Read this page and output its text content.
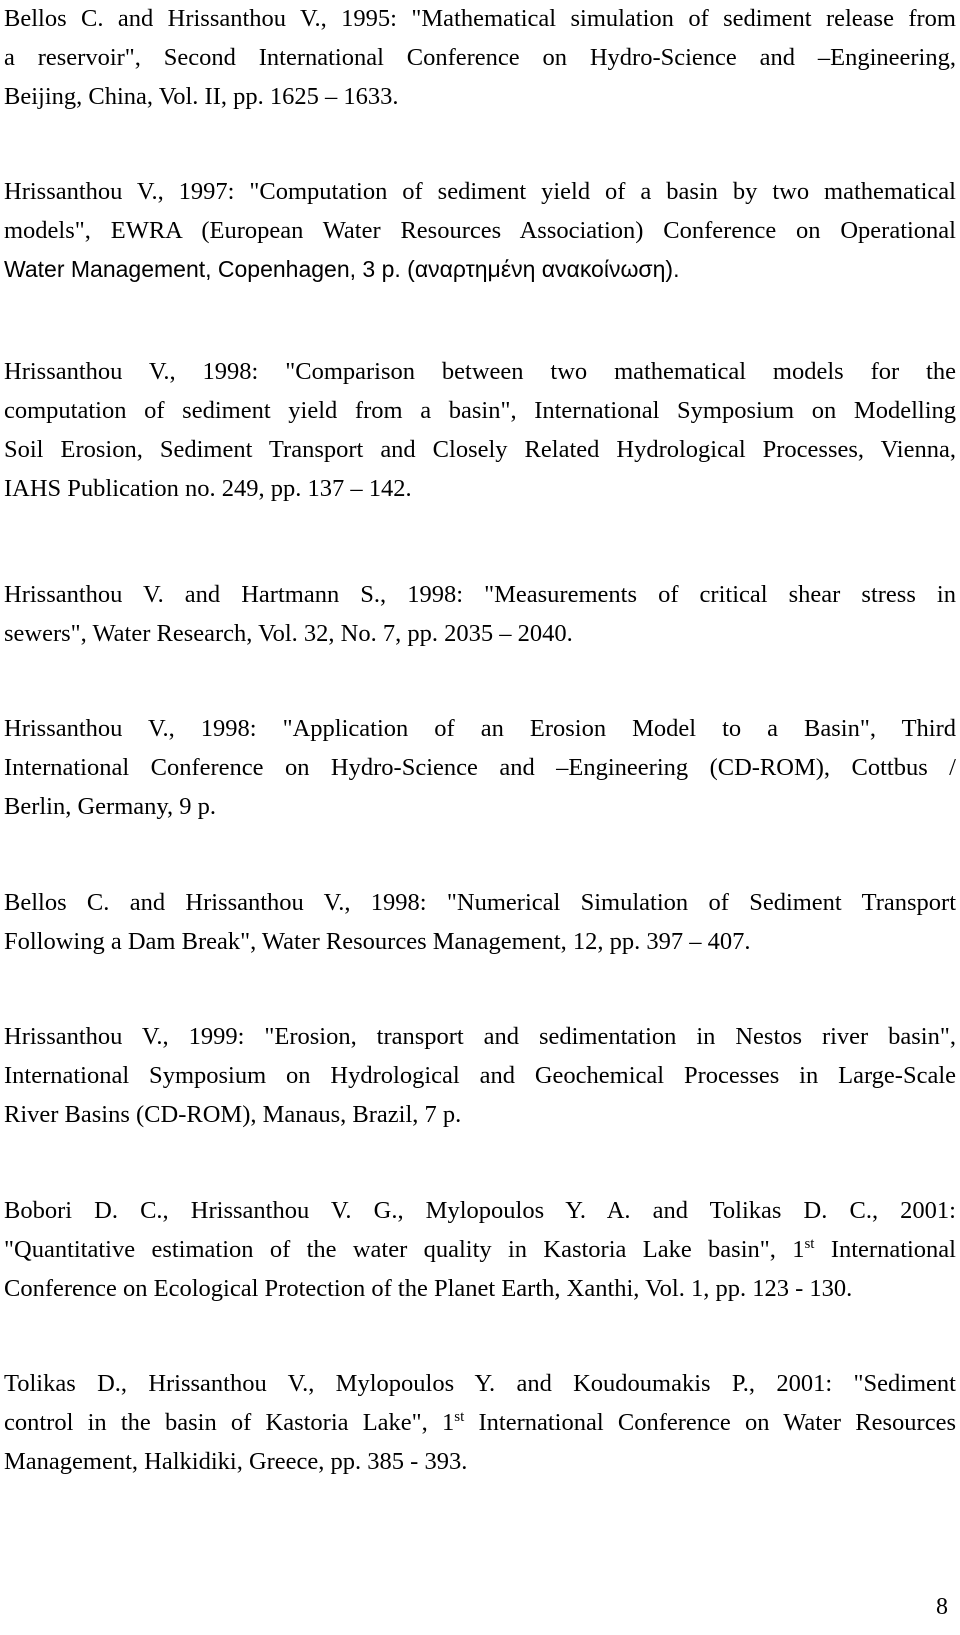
Bellos C. and Hrissanthou V., 1995: "Mathematical simulation of sediment release from
a reservoir", Second International Conference on Hydro-Science and –Engineering,
Beijing, China, Vol. II, pp. 1625 – 1633.
Hrissanthou V., 1997: "Computation of sediment yield of a basin by two mathematical
models", EWRA (European Water Resources Association) Conference on Operational
Water Management, Copenhagen, 3 p. (αναρτημένη ανακοίνωση).
Hrissanthou V., 1998: "Comparison between two mathematical models for the
computation of sediment yield from a basin", International Symposium on Modelling
Soil Erosion, Sediment Transport and Closely Related Hydrological Processes, Vienna,
IAHS Publication no. 249, pp. 137 – 142.
Hrissanthou V. and Hartmann S., 1998: "Measurements of critical shear stress in
sewers", Water Research, Vol. 32, No. 7, pp. 2035 – 2040.
Hrissanthou V., 1998: "Application of an Erosion Model to a Basin", Third
International Conference on Hydro-Science and –Engineering (CD-ROM), Cottbus /
Berlin, Germany, 9 p.
Bellos C. and Hrissanthou V., 1998: "Numerical Simulation of Sediment Transport
Following a Dam Break", Water Resources Management, 12, pp. 397 – 407.
Hrissanthou V., 1999: "Erosion, transport and sedimentation in Nestos river basin",
International Symposium on Hydrological and Geochemical Processes in Large-Scale
River Basins (CD-ROM), Manaus, Brazil, 7 p.
Bobori D. C., Hrissanthou V. G., Mylopoulos Y. A. and Tolikas D. C., 2001:
"Quantitative estimation of the water quality in Kastoria Lake basin", 1st International
Conference on Ecological Protection of the Planet Earth, Xanthi, Vol. 1, pp. 123 - 130.
Tolikas D., Hrissanthou V., Mylopoulos Y. and Koudoumakis P., 2001: "Sediment
control in the basin of Kastoria Lake", 1st International Conference on Water Resources
Management, Halkidiki, Greece, pp. 385 - 393.
8
